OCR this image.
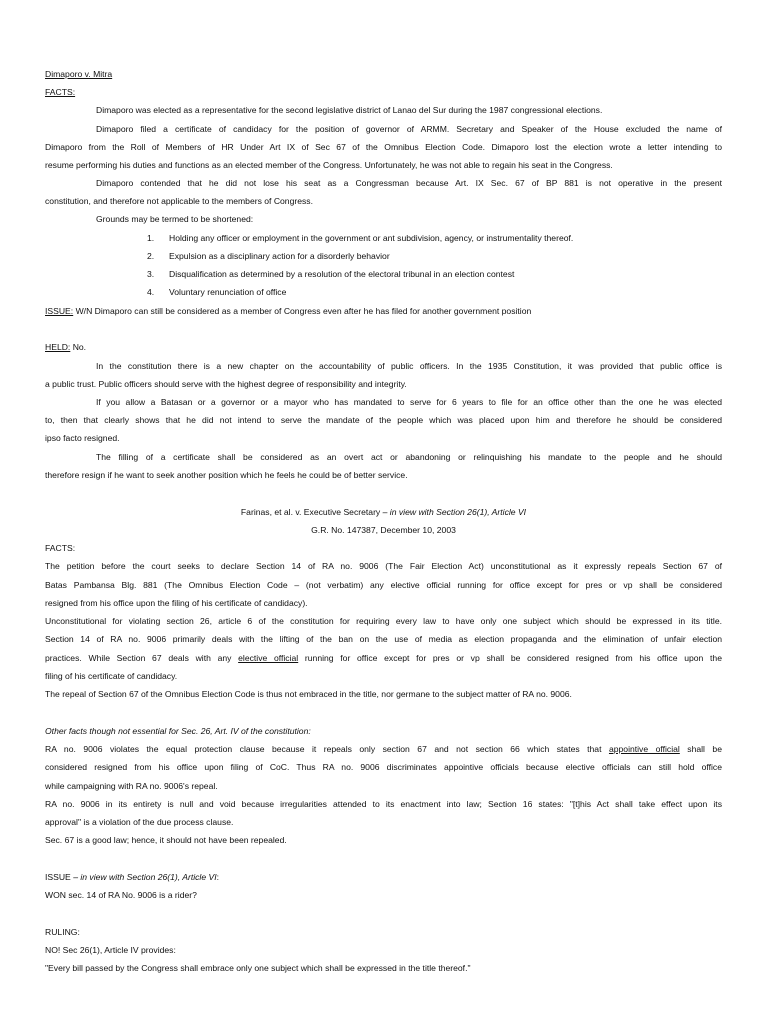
Dimaporo v. Mitra
FACTS:
Dimaporo was elected as a representative for the second legislative district of Lanao del Sur during the 1987 congressional elections.
Dimaporo filed a certificate of candidacy for the position of governor of ARMM. Secretary and Speaker of the House excluded the name of
Dimaporo from the Roll of Members of HR Under Art IX of Sec 67 of the Omnibus Election Code. Dimaporo lost the election wrote a letter intending to
resume performing his duties and functions as an elected member of the Congress. Unfortunately, he was not able to regain his seat in the Congress.
Dimaporo contended that he did not lose his seat as a Congressman because Art. IX Sec. 67 of BP 881 is not operative in the present
constitution, and therefore not applicable to the members of Congress.
Grounds may be termed to be shortened:
1. Holding any officer or employment in the government or ant subdivision, agency, or instrumentality thereof.
2. Expulsion as a disciplinary action for a disorderly behavior
3. Disqualification as determined by a resolution of the electoral tribunal in an election contest
4. Voluntary renunciation of office
ISSUE: W/N Dimaporo can still be considered as a member of Congress even after he has filed for another government position
HELD: No.
In the constitution there is a new chapter on the accountability of public officers. In the 1935 Constitution, it was provided that public office is
a public trust. Public officers should serve with the highest degree of responsibility and integrity.
If you allow a Batasan or a governor or a mayor who has mandated to serve for 6 years to file for an office other than the one he was elected
to, then that clearly shows that he did not intend to serve the mandate of the people which was placed upon him and therefore he should be considered
ipso facto resigned.
The filling of a certificate shall be considered as an overt act or abandoning or relinquishing his mandate to the people and he should
therefore resign if he want to seek another position which he feels he could be of better service.
Farinas, et al. v. Executive Secretary – in view with Section 26(1), Article VI
G.R. No. 147387, December 10, 2003
FACTS:
The petition before the court seeks to declare Section 14 of RA no. 9006 (The Fair Election Act) unconstitutional as it expressly repeals Section 67 of
Batas Pambansa Blg. 881 (The Omnibus Election Code – (not verbatim) any elective official running for office except for pres or vp shall be considered
resigned from his office upon the filing of his certificate of candidacy).
Unconstitutional for violating section 26, article 6 of the constitution for requiring every law to have only one subject which should be expressed in its title.
Section 14 of RA no. 9006 primarily deals with the lifting of the ban on the use of media as election propaganda and the elimination of unfair election
practices. While Section 67 deals with any elective official running for office except for pres or vp shall be considered resigned from his office upon the
filing of his certificate of candidacy.
The repeal of Section 67 of the Omnibus Election Code is thus not embraced in the title, nor germane to the subject matter of RA no. 9006.
Other facts though not essential for Sec. 26, Art. IV of the constitution:
RA no. 9006 violates the equal protection clause because it repeals only section 67 and not section 66 which states that appointive official shall be
considered resigned from his office upon filing of CoC. Thus RA no. 9006 discriminates appointive officials because elective officials can still hold office
while campaigning with RA no. 9006's repeal.
RA no. 9006 in its entirety is null and void because irregularities attended to its enactment into law; Section 16 states: "[t]his Act shall take effect upon its
approval" is a violation of the due process clause.
Sec. 67 is a good law; hence, it should not have been repealed.
ISSUE – in view with Section 26(1), Article VI:
WON sec. 14 of RA No. 9006 is a rider?
RULING:
NO! Sec 26(1), Article IV provides:
"Every bill passed by the Congress shall embrace only one subject which shall be expressed in the title thereof."
